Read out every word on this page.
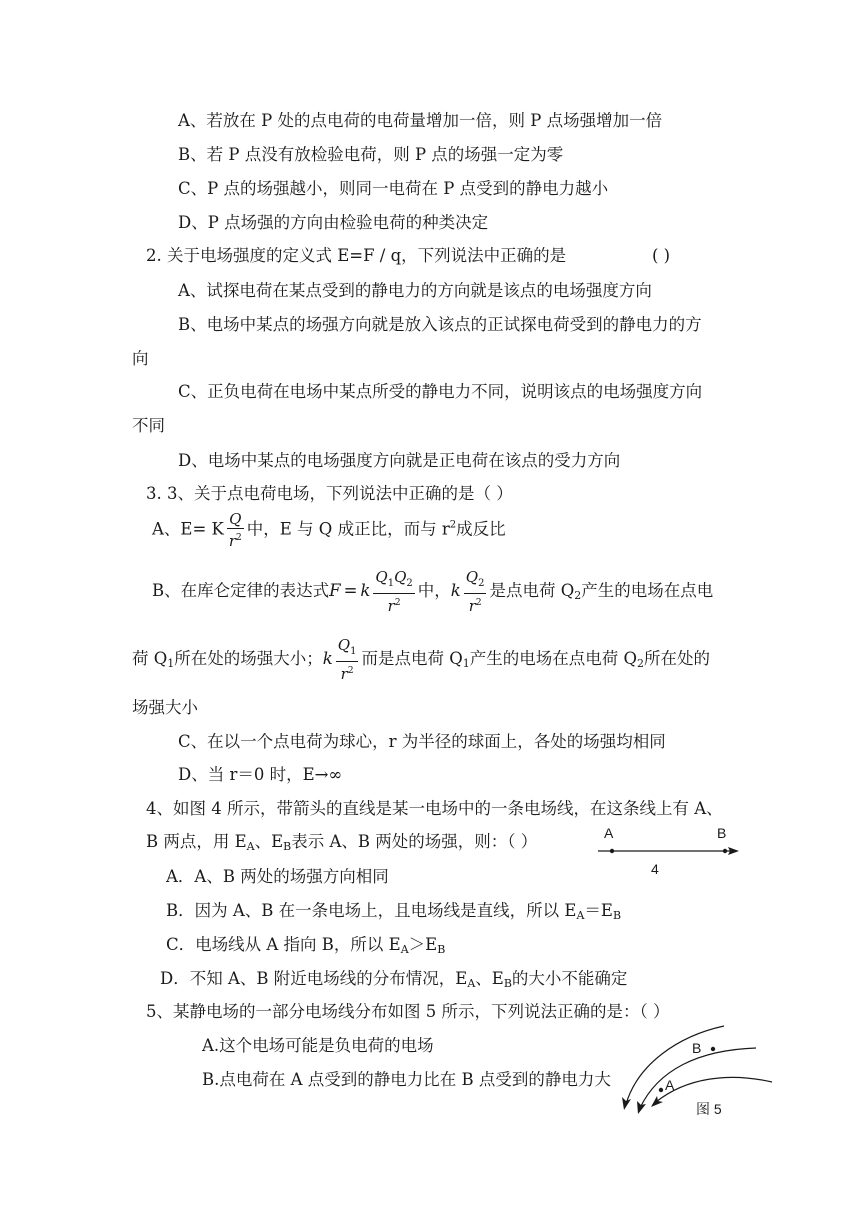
A、若放在 P 处的点电荷的电荷量增加一倍，则 P 点场强增加一倍
B、若 P 点没有放检验电荷，则 P 点的场强一定为零
C、P 点的场强越小，则同一电荷在 P 点受到的静电力越小
D、P 点场强的方向由检验电荷的种类决定
2. 关于电场强度的定义式 E=F / q，下列说法中正确的是	( )
A、试探电荷在某点受到的静电力的方向就是该点的电场强度方向
B、电场中某点的场强方向就是放入该点的正试探电荷受到的静电力的方
向
C、正负电荷在电场中某点所受的静电力不同，说明该点的电场强度方向
不同
D、电场中某点的电场强度方向就是正电荷在该点的受力方向
3. 3、关于点电荷电场，下列说法中正确的是（ ）
A、E= K $\frac{Q}{r^2}$ 中，E 与 Q 成正比，而与 $r^2$成反比
B、在库仑定律的表达式F = k $\frac{Q_1Q_2}{r^2}$ 中，k $\frac{Q_2}{r^2}$ 是点电荷 Q2产生的电场在点电
荷 Q1所在处的场强大小；k $\frac{Q_1}{r^2}$ 而是点电荷 Q1产生的电场在点电荷 Q2所在处的
场强大小
C、在以一个点电荷为球心，r 为半径的球面上，各处的场强均相同
D、当 r＝0 时，E→∞
4、如图 4 所示，带箭头的直线是某一电场中的一条电场线，在这条线上有 A、
B 两点，用 EA、EB表示 A、B 两处的场强，则：（ ）	A	B
4
A．A、B 两处的场强方向相同
B．因为 A、B 在一条电场上，且电场线是直线，所以 EA＝EB
C．电场线从 A 指向 B，所以 EA＞EB
D．不知 A、B 附近电场线的分布情况，EA、EB的大小不能确定
5、某静电场的一部分电场线分布如图 5 所示，下列说法正确的是：（ ）
A.这个电场可能是负电荷的电场
B.点电荷在 A 点受到的静电力比在 B 点受到的静电力大
B
A
图 5
